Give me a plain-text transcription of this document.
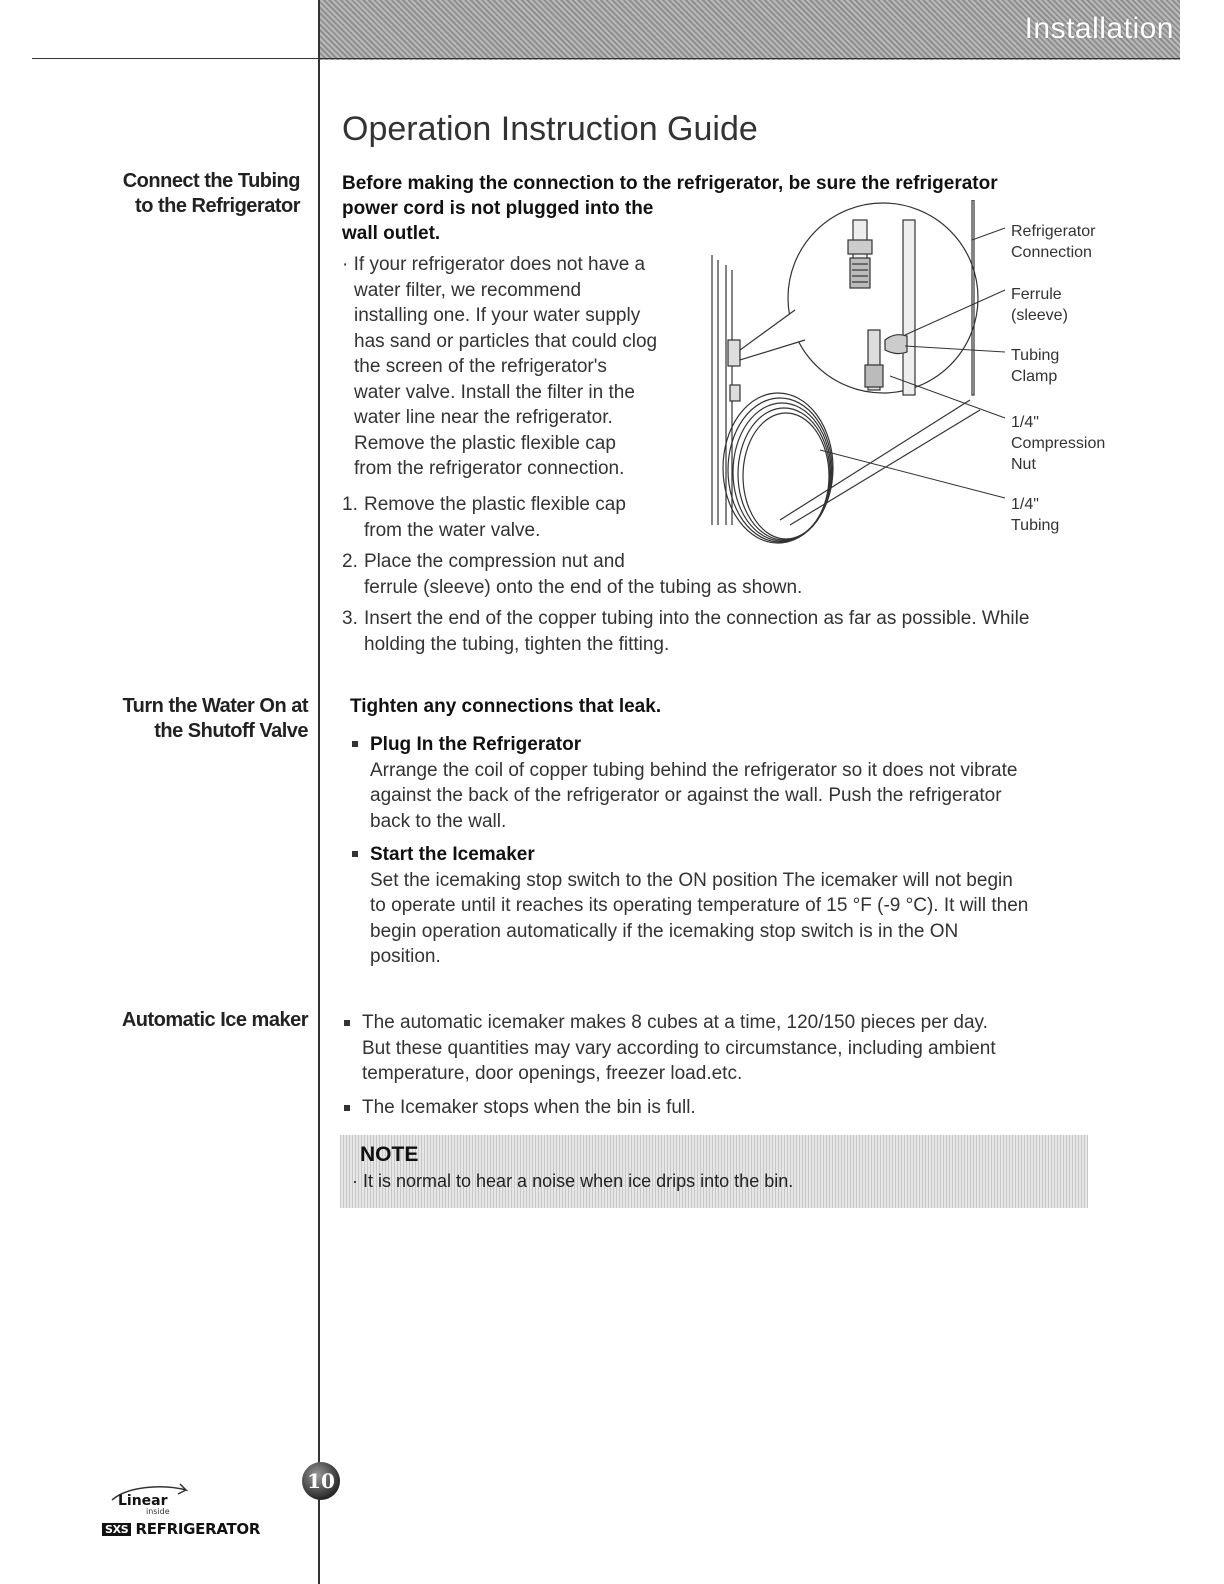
Installation
Operation Instruction Guide
Connect the Tubing
to the Refrigerator
Turn the Water On at
the Shutoff Valve
Automatic Ice maker
Before making the connection to the refrigerator, be sure the refrigerator
power cord is not plugged into the
wall outlet.
· If your refrigerator does not have a
water filter, we recommend
installing one. If your water supply
has sand or particles that could clog
the screen of the refrigerator's
water valve. Install the filter in the
water line near the refrigerator.
Remove the plastic flexible cap
from the refrigerator connection.
1. Remove the plastic flexible cap
from the water valve.
2. Place the compression nut and
ferrule (sleeve) onto the end of the tubing as shown.
3. Insert the end of the copper tubing into the connection as far as possible. While
holding the tubing, tighten the fitting.
Refrigerator
Connection
Ferrule
(sleeve)
Tubing
Clamp
1/4"
Compression
Nut
1/4"
Tubing
Tighten any connections that leak.
Plug In the Refrigerator
Arrange the coil of copper tubing behind the refrigerator so it does not vibrate
against the back of the refrigerator or against the wall. Push the refrigerator
back to the wall.
Start the Icemaker
Set the icemaking stop switch to the ON position The icemaker will not begin
to operate until it reaches its operating temperature of 15 °F (-9 °C). It will then
begin operation automatically if the icemaking stop switch is in the ON
position.
The automatic icemaker makes 8 cubes at a time, 120/150 pieces per day.
But these quantities may vary according to circumstance, including ambient
temperature, door openings, freezer load.etc.
The Icemaker stops when the bin is full.
NOTE
· It is normal to hear a noise when ice drips into the bin.
Linear
inside
SXS REFRIGERATOR
10
